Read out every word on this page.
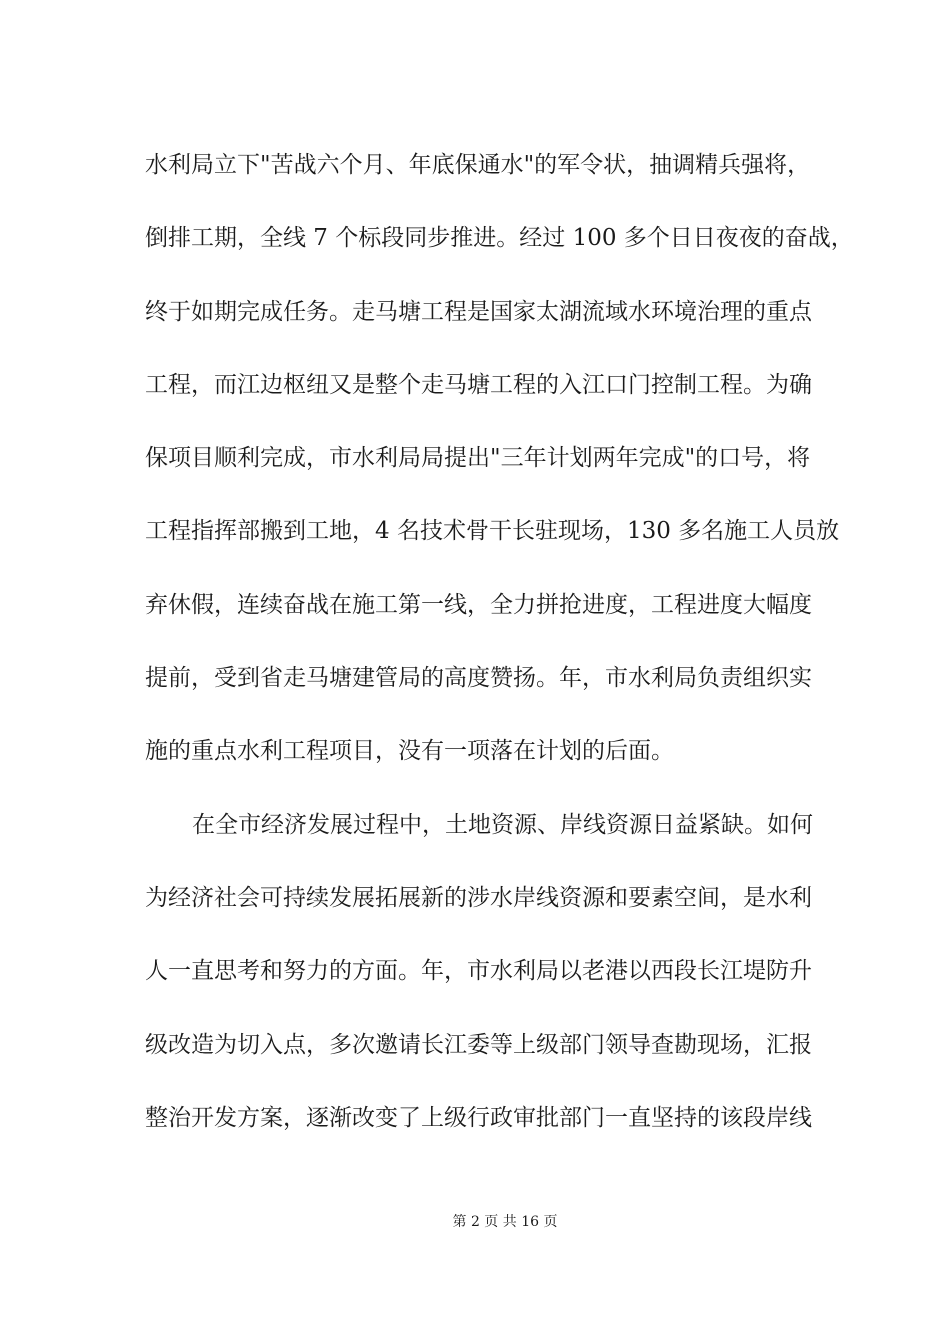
水利局立下"苦战六个月、年底保通水"的军令状，抽调精兵强将，
倒排工期，全线 7 个标段同步推进。经过 100 多个日日夜夜的奋战，
终于如期完成任务。走马塘工程是国家太湖流域水环境治理的重点
工程，而江边枢纽又是整个走马塘工程的入江口门控制工程。为确
保项目顺利完成，市水利局局提出"三年计划两年完成"的口号，将
工程指挥部搬到工地，4 名技术骨干长驻现场，130 多名施工人员放
弃休假，连续奋战在施工第一线，全力拼抢进度，工程进度大幅度
提前，受到省走马塘建管局的高度赞扬。年，市水利局负责组织实
施的重点水利工程项目，没有一项落在计划的后面。
在全市经济发展过程中，土地资源、岸线资源日益紧缺。如何
为经济社会可持续发展拓展新的涉水岸线资源和要素空间，是水利
人一直思考和努力的方面。年，市水利局以老港以西段长江堤防升
级改造为切入点，多次邀请长江委等上级部门领导查勘现场，汇报
整治开发方案，逐渐改变了上级行政审批部门一直坚持的该段岸线
第 2 页 共 16 页
